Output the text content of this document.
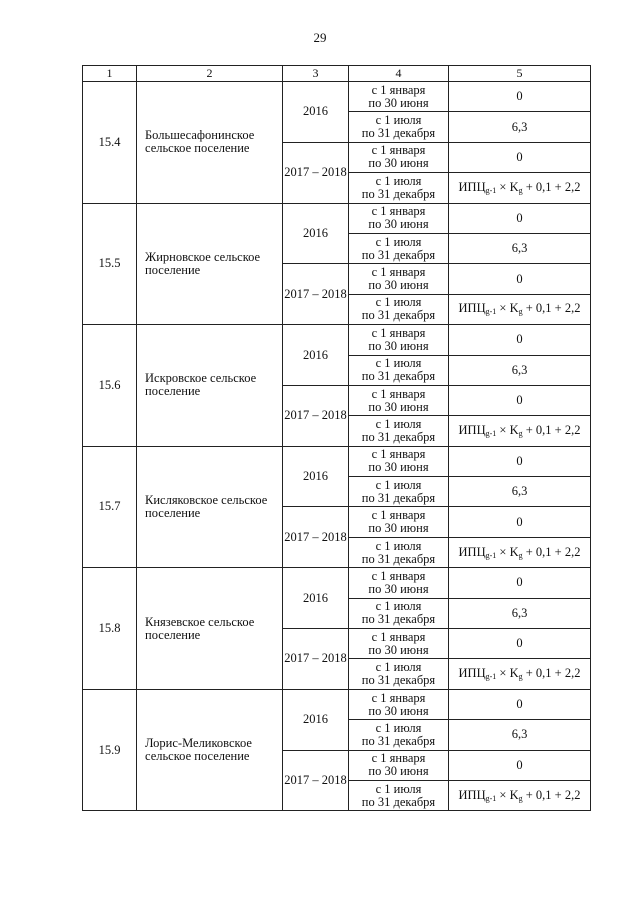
29
1	2	3	4	5
15.4	Большесафонинское сельское поселение	2016	с 1 января
по 30 июня	0

			с 1 июля
по 31 декабря	6,3
		2017 – 2018	с 1 января
по 30 июня	0

			с 1 июля
по 31 декабря	$ИПЦ_{g-1} \times K_g + 0,1 + 2,2$
15.5	Жирновское сельское поселение	2016	с 1 января
по 30 июня	0

			с 1 июля
по 31 декабря	6,3
		2017 – 2018	с 1 января
по 30 июня	0

			с 1 июля
по 31 декабря	$ИПЦ_{g-1} \times K_g + 0,1 + 2,2$
15.6	Искровское сельское поселение	2016	с 1 января
по 30 июня	0

			с 1 июля
по 31 декабря	6,3
		2017 – 2018	с 1 января
по 30 июня	0

			с 1 июля
по 31 декабря	$ИПЦ_{g-1} \times K_g + 0,1 + 2,2$
15.7	Кисляковское сельское поселение	2016	с 1 января
по 30 июня	0

			с 1 июля
по 31 декабря	6,3
		2017 – 2018	с 1 января
по 30 июня	0

			с 1 июля
по 31 декабря	$ИПЦ_{g-1} \times K_g + 0,1 + 2,2$
15.8	Князевское сельское поселение	2016	с 1 января
по 30 июня	0

			с 1 июля
по 31 декабря	6,3
		2017 – 2018	с 1 января
по 30 июня	0

			с 1 июля
по 31 декабря	$ИПЦ_{g-1} \times K_g + 0,1 + 2,2$
15.9	Лорис-Меликовское сельское поселение	2016	с 1 января
по 30 июня	0

			с 1 июля
по 31 декабря	6,3
		2017 – 2018	с 1 января
по 30 июня	0

			с 1 июля
по 31 декабря	$ИПЦ_{g-1} \times K_g + 0,1 + 2,2$
